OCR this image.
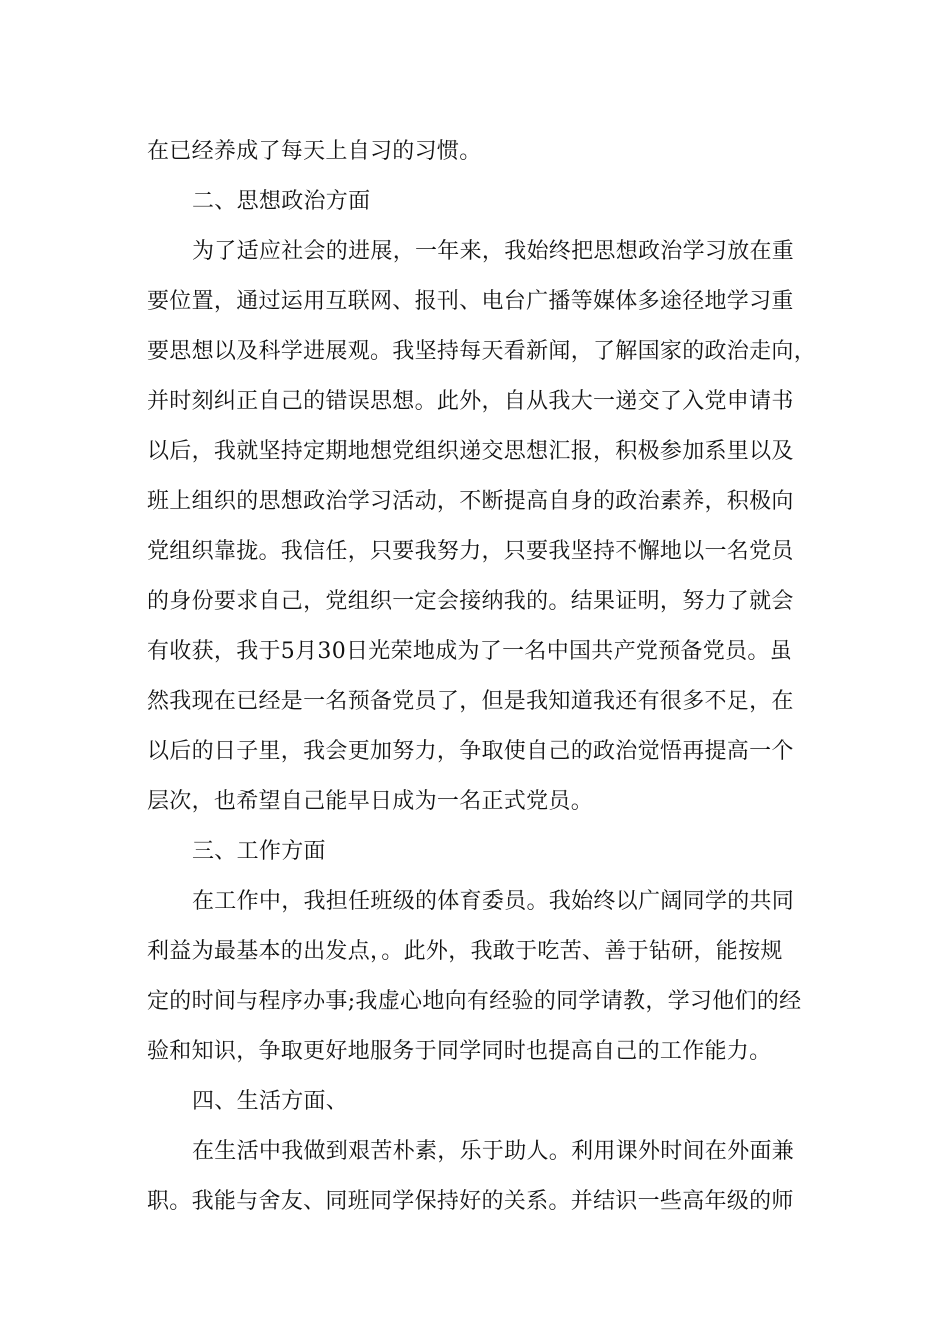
在已经养成了每天上自习的习惯。
二、思想政治方面
为了适应社会的进展，一年来，我始终把思想政治学习放在重
要位置，通过运用互联网、报刊、电台广播等媒体多途径地学习重
要思想以及科学进展观。我坚持每天看新闻，了解国家的政治走向，
并时刻纠正自己的错误思想。此外，自从我大一递交了入党申请书
以后，我就坚持定期地想党组织递交思想汇报，积极参加系里以及
班上组织的思想政治学习活动，不断提高自身的政治素养，积极向
党组织靠拢。我信任，只要我努力，只要我坚持不懈地以一名党员
的身份要求自己，党组织一定会接纳我的。结果证明，努力了就会
有收获，我于5月30日光荣地成为了一名中国共产党预备党员。虽
然我现在已经是一名预备党员了，但是我知道我还有很多不足，在
以后的日子里，我会更加努力，争取使自己的政治觉悟再提高一个
层次，也希望自己能早日成为一名正式党员。
三、工作方面
在工作中，我担任班级的体育委员。我始终以广阔同学的共同
利益为最基本的出发点，。此外，我敢于吃苦、善于钻研，能按规
定的时间与程序办事;我虚心地向有经验的同学请教，学习他们的经
验和知识，争取更好地服务于同学同时也提高自己的工作能力。
四、生活方面、
在生活中我做到艰苦朴素，乐于助人。利用课外时间在外面兼
职。我能与舍友、同班同学保持好的关系。并结识一些高年级的师
